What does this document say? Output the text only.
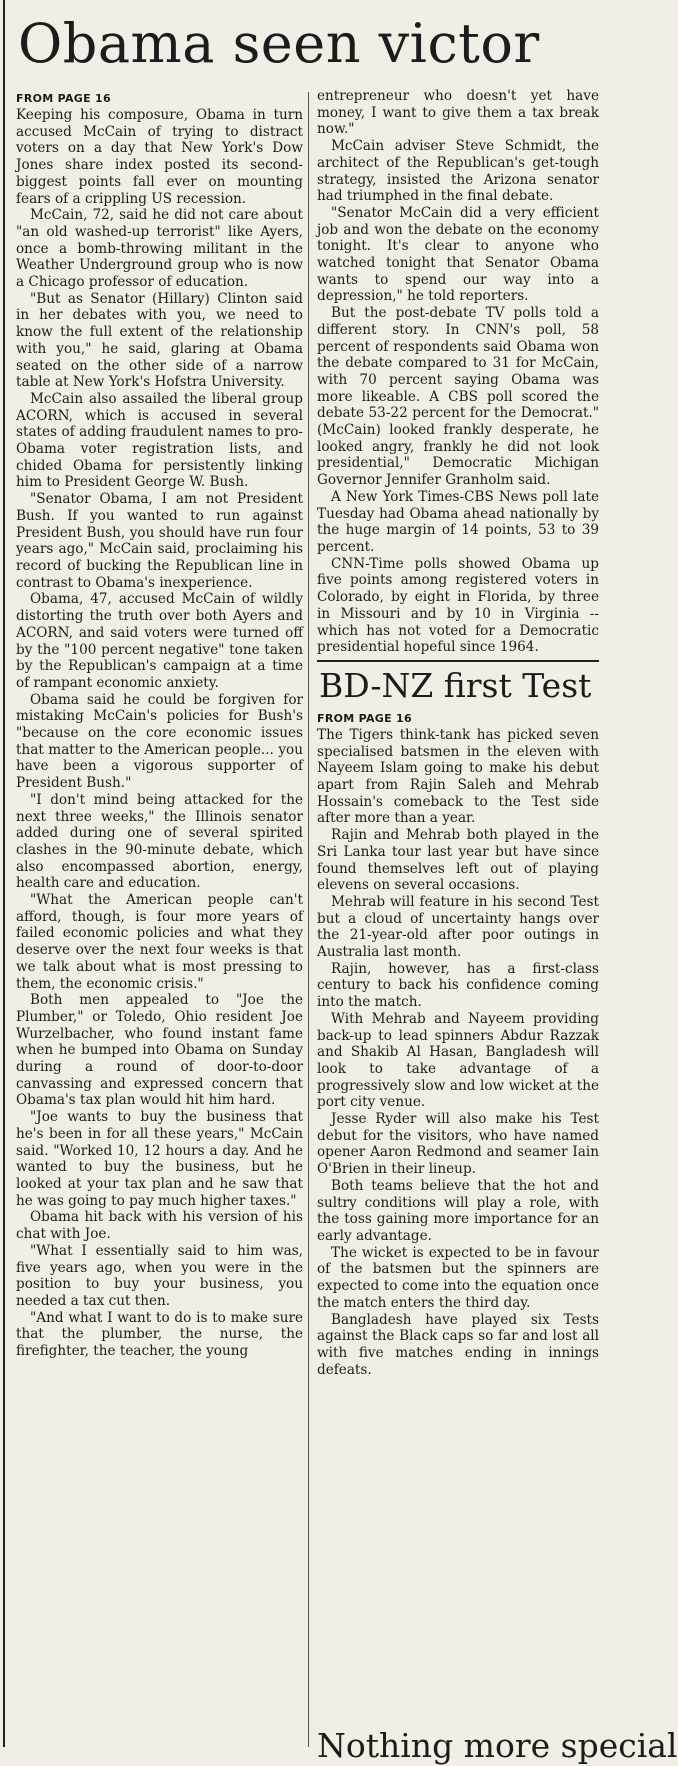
Obama seen victor
FROM PAGE 16

Keeping his composure, Obama in turn accused McCain of trying to distract voters on a day that New York's Dow Jones share index posted its second-biggest points fall ever on mounting fears of a crippling US recession.

McCain, 72, said he did not care about "an old washed-up terrorist" like Ayers, once a bomb-throwing militant in the Weather Underground group who is now a Chicago professor of education.

"But as Senator (Hillary) Clinton said in her debates with you, we need to know the full extent of the relationship with you," he said, glaring at Obama seated on the other side of a narrow table at New York's Hofstra University.

McCain also assailed the liberal group ACORN, which is accused in several states of adding fraudulent names to pro-Obama voter registration lists, and chided Obama for persistently linking him to President George W. Bush.

"Senator Obama, I am not President Bush. If you wanted to run against President Bush, you should have run four years ago," McCain said, proclaiming his record of bucking the Republican line in contrast to Obama's inexperience.

Obama, 47, accused McCain of wildly distorting the truth over both Ayers and ACORN, and said voters were turned off by the "100 percent negative" tone taken by the Republican's campaign at a time of rampant economic anxiety.

Obama said he could be forgiven for mistaking McCain's policies for Bush's "because on the core economic issues that matter to the American people... you have been a vigorous supporter of President Bush."

"I don't mind being attacked for the next three weeks," the Illinois senator added during one of several spirited clashes in the 90-minute debate, which also encompassed abortion, energy, health care and education.

"What the American people can't afford, though, is four more years of failed economic policies and what they deserve over the next four weeks is that we talk about what is most pressing to them, the economic crisis."

Both men appealed to "Joe the Plumber," or Toledo, Ohio resident Joe Wurzelbacher, who found instant fame when he bumped into Obama on Sunday during a round of door-to-door canvassing and expressed concern that Obama's tax plan would hit him hard.

"Joe wants to buy the business that he's been in for all these years," McCain said. "Worked 10, 12 hours a day. And he wanted to buy the business, but he looked at your tax plan and he saw that he was going to pay much higher taxes."

Obama hit back with his version of his chat with Joe.

"What I essentially said to him was, five years ago, when you were in the position to buy your business, you needed a tax cut then.

"And what I want to do is to make sure that the plumber, the nurse, the firefighter, the teacher, the young

entrepreneur who doesn't yet have money, I want to give them a tax break now."

McCain adviser Steve Schmidt, the architect of the Republican's get-tough strategy, insisted the Arizona senator had triumphed in the final debate.

"Senator McCain did a very efficient job and won the debate on the economy tonight. It's clear to anyone who watched tonight that Senator Obama wants to spend our way into a depression," he told reporters.

But the post-debate TV polls told a different story. In CNN's poll, 58 percent of respondents said Obama won the debate compared to 31 for McCain, with 70 percent saying Obama was more likeable. A CBS poll scored the debate 53-22 percent for the Democrat."(McCain) looked frankly desperate, he looked angry, frankly he did not look presidential," Democratic Michigan Governor Jennifer Granholm said.

A New York Times-CBS News poll late Tuesday had Obama ahead nationally by the huge margin of 14 points, 53 to 39 percent.

CNN-Time polls showed Obama up five points among registered voters in Colorado, by eight in Florida, by three in Missouri and by 10 in Virginia -- which has not voted for a Democratic presidential hopeful since 1964.

BD-NZ first Test
FROM PAGE 16

The Tigers think-tank has picked seven specialised batsmen in the eleven with Nayeem Islam going to make his debut apart from Rajin Saleh and Mehrab Hossain's comeback to the Test side after more than a year.

Rajin and Mehrab both played in the Sri Lanka tour last year but have since found themselves left out of playing elevens on several occasions.

Mehrab will feature in his second Test but a cloud of uncertainty hangs over the 21-year-old after poor outings in Australia last month.

Rajin, however, has a first-class century to back his confidence coming into the match.

With Mehrab and Nayeem providing back-up to lead spinners Abdur Razzak and Shakib Al Hasan, Bangladesh will look to take advantage of a progressively slow and low wicket at the port city venue.

Jesse Ryder will also make his Test debut for the visitors, who have named opener Aaron Redmond and seamer Iain O'Brien in their lineup.

Both teams believe that the hot and sultry conditions will play a role, with the toss gaining more importance for an early advantage.

The wicket is expected to be in favour of the batsmen but the spinners are expected to come into the equation once the match enters the third day.

Bangladesh have played six Tests against the Black caps so far and lost all with five matches ending in innings defeats.

Nothing more special
